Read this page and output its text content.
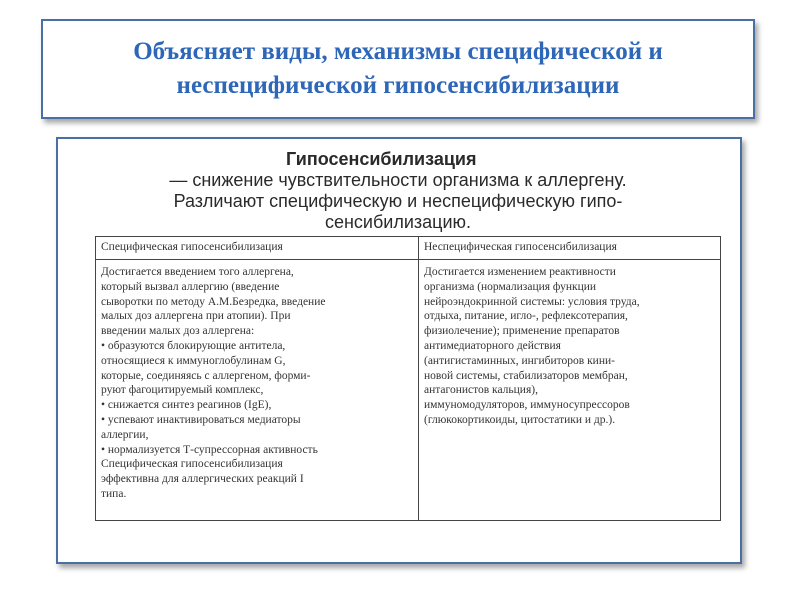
Объясняет виды, механизмы специфической и
неспецифической гипосенсибилизации
Гипосенсибилизация
— снижение чувствительности организма к аллергену.
Различают специфическую и неспецифическую гипо-
сенсибилизацию.
Специфическая гипосенсибилизация	Неспецифическая гипосенсибилизация
Достигается введением того аллергена,
который вызвал аллергию (введение
сыворотки по методу А.М.Безредка, введение
малых доз аллергена при атопии). При
введении малых доз аллергена:
• образуются блокирующие антитела,
относящиеся к иммуноглобулинам G,
которые, соединяясь с аллергеном, форми-
руют фагоцитируемый комплекс,
• снижается синтез реагинов (IgE),
• успевают инактивироваться медиаторы
аллергии,
• нормализуется Т-супрессорная активность
Специфическая гипосенсибилизация
эффективна для аллергических реакций I
типа.
Достигается изменением реактивности
организма (нормализация функции
нейроэндокринной системы: условия труда,
отдыха, питание, игло-, рефлексотерапия,
физиолечение); применение препаратов
антимедиаторного действия
(антигистаминных, ингибиторов кини-
новой системы, стабилизаторов мембран,
антагонистов кальция),
иммуномодуляторов, иммуносупрессоров
(глюкокортикоиды, цитостатики и др.).
